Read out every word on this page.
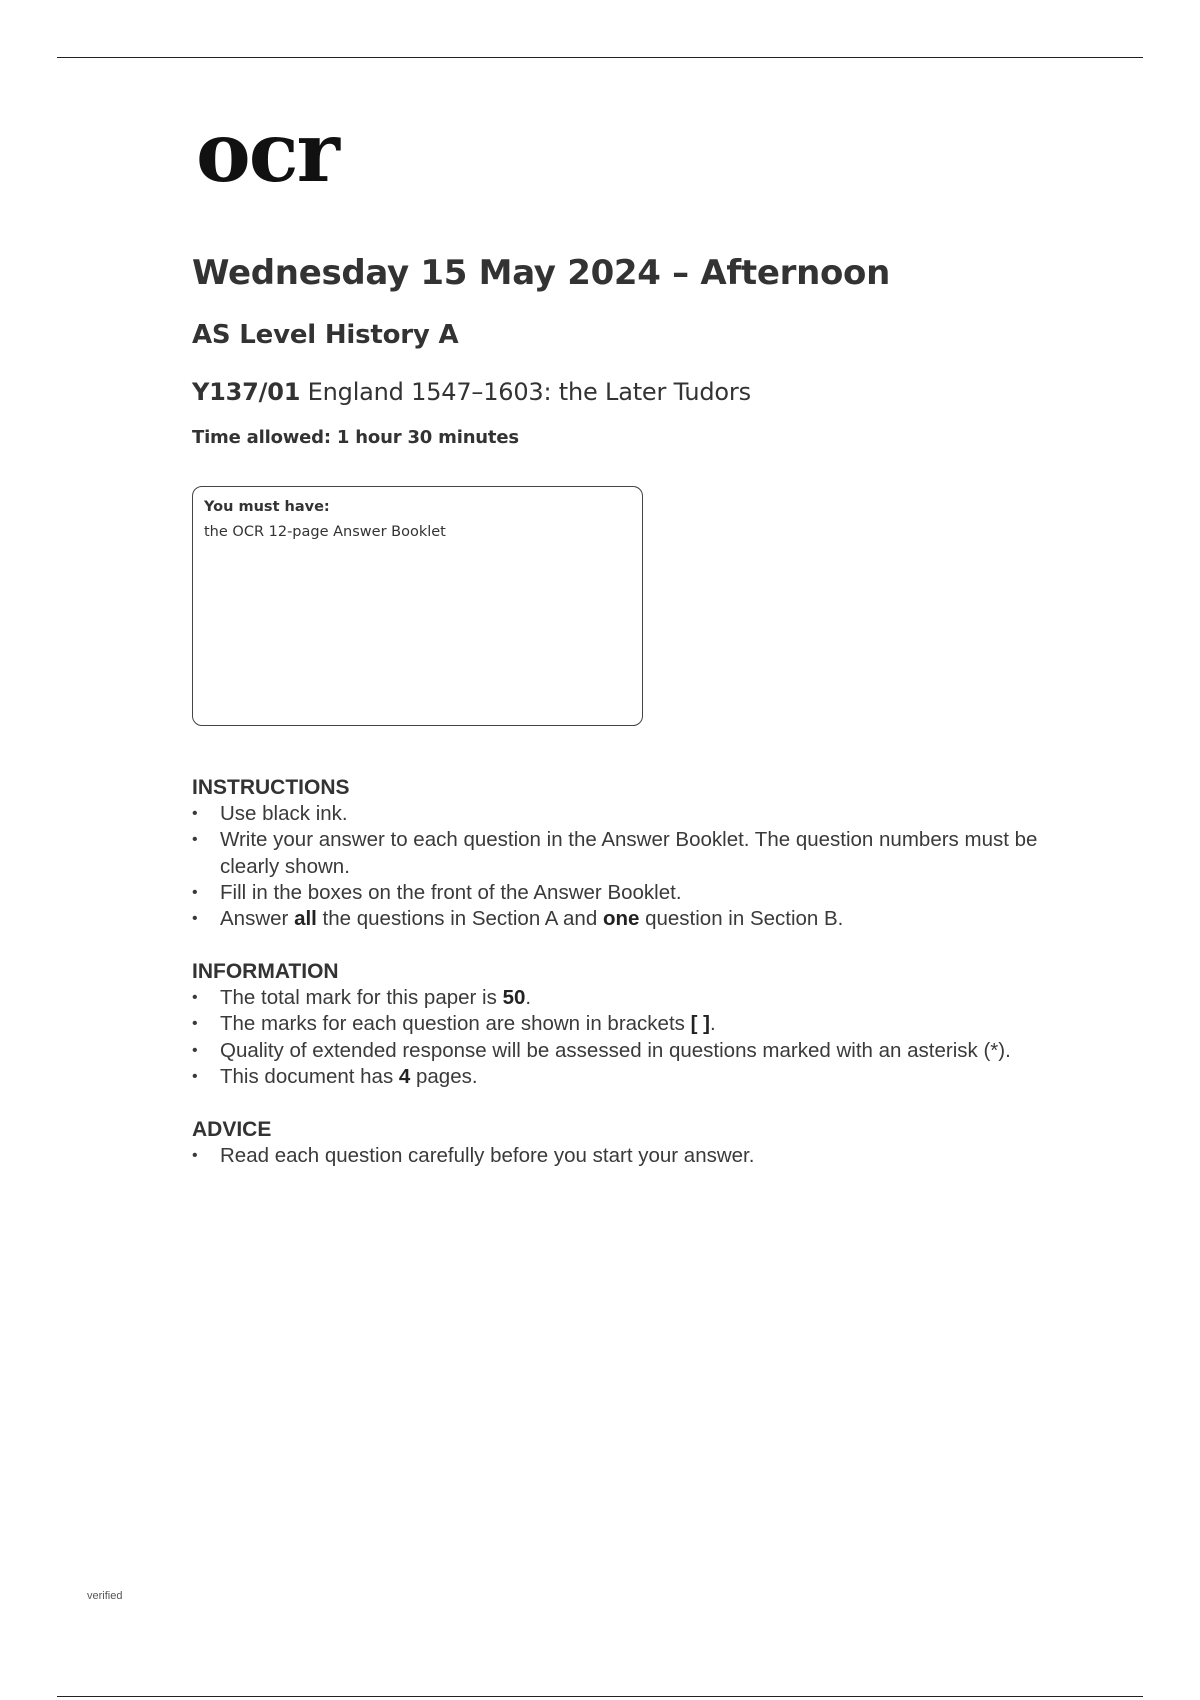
ocr
Wednesday 15 May 2024 – Afternoon
AS Level History A
Y137/01 England 1547–1603: the Later Tudors
Time allowed: 1 hour 30 minutes
You must have:
the OCR 12-page Answer Booklet
INSTRUCTIONS
• Use black ink.
• Write your answer to each question in the Answer Booklet. The question numbers must be clearly shown.
• Fill in the boxes on the front of the Answer Booklet.
• Answer all the questions in Section A and one question in Section B.
INFORMATION
• The total mark for this paper is 50.
• The marks for each question are shown in brackets [ ].
• Quality of extended response will be assessed in questions marked with an asterisk (*).
• This document has 4 pages.
ADVICE
• Read each question carefully before you start your answer.
verified
